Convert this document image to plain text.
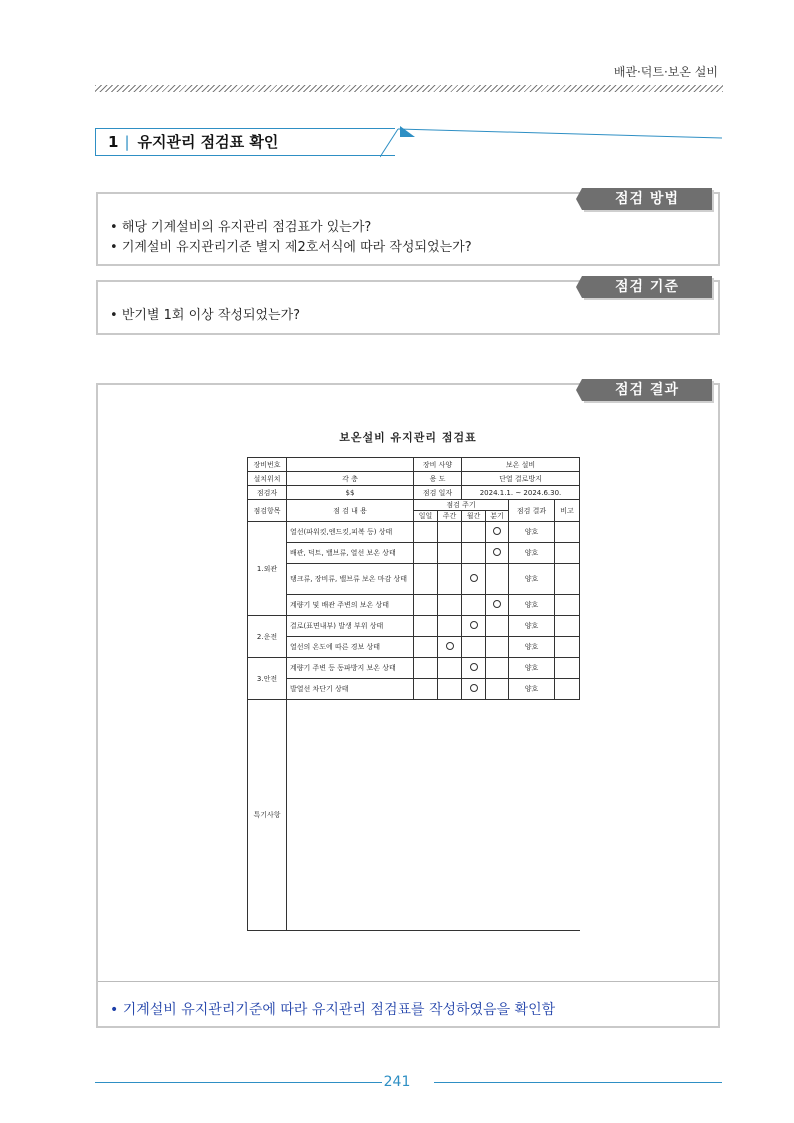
배관·덕트·보온 설비
1 | 유지관리 점검표 확인
점검 방법
• 해당 기계설비의 유지관리 점검표가 있는가?
• 기계설비 유지관리기준 별지 제2호서식에 따라 작성되었는가?
점검 기준
• 반기별 1회 이상 작성되었는가?
점검 결과
보온설비 유지관리 점검표
장비번호		장비 사양		보온 설비			
설치위치	각 층	용 도		단열 결로방지			
점검자	$$	점검 일자		2024.1.1. ~ 2024.6.30.			
점검항목	점 검 내 용	점검 주기				점검 결과	비고
		일일	주간	월간	분기		
1.외관	열선(파워킷,엔드킷,피복 등) 상태					양호	
	배관, 덕트, 밸브류, 열선 보온 상태					양호	
	탱크류, 장비류, 밸브류 보온 마감 상태					양호	
	계량기 및 배관 주변의 보온 상태					양호	
2.운전	결로(표면내부) 발생 부위 상태					양호	
	열선의 온도에 따른 경보 상태					양호	
3.안전	계량기 주변 등 동파방지 보온 상태					양호	
	발열선 차단기 상태					양호	
특기사항							
• 기계설비 유지관리기준에 따라 유지관리 점검표를 작성하였음을 확인함
241
